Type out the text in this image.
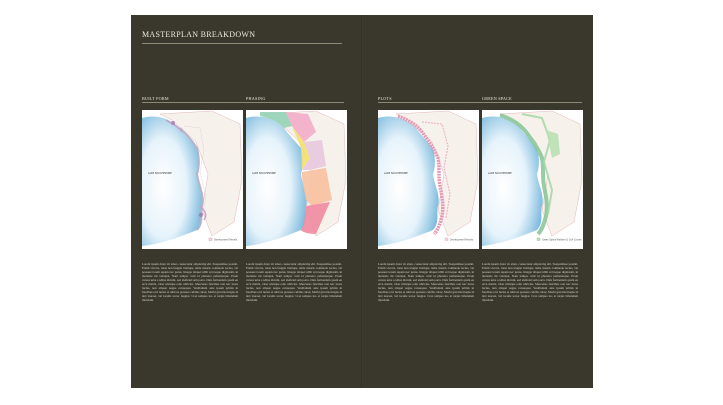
MASTERPLAN BREAKDOWN
BUILT FORM	PHASING	PLOTS	GREEN SPACE
LAKE SOUCHEZONE
Development Parcels
LAKE SOUCHEZONE	LAKE SOUCHEZONE
Development Parcels
LAKE SOUCHEZONE
Green Space Wetland & Golf Course
Lorem ipsum dolor sit amet, consectetur adipiscing elit. Suspendisse potenti. Etiam viverra, risus non feugiat tristique, nulla mauris commodo lectus, vel posuere lorem sapien nec purus. Integer aliquet nibh vel neque dignissim, in molestie mi volutpat. Nam tempor velit id pharetra pellentesque. Proin cursus urna a tellus dictum, sed eleifend sem porta. Duis fermentum quam eu arcu mattis, vitae tristique odio ultricies. Maecenas faucibus erat nec lacus luctus, non aliquet augue consequat. Vestibulum ante ipsum primis in faucibus orci luctus et ultrices posuere cubilia curae; Morbi gravida magna id nisl laoreet, vel iaculis tortor feugiat. Cras tempus leo at turpis bibendum interdum.
Lorem ipsum dolor sit amet, consectetur adipiscing elit. Suspendisse potenti. Etiam viverra, risus non feugiat tristique, nulla mauris commodo lectus, vel posuere lorem sapien nec purus. Integer aliquet nibh vel neque dignissim, in molestie mi volutpat. Nam tempor velit id pharetra pellentesque. Proin cursus urna a tellus dictum, sed eleifend sem porta. Duis fermentum quam eu arcu mattis, vitae tristique odio ultricies. Maecenas faucibus erat nec lacus luctus, non aliquet augue consequat. Vestibulum ante ipsum primis in faucibus orci luctus et ultrices posuere cubilia curae; Morbi gravida magna id nisl laoreet, vel iaculis tortor feugiat. Cras tempus leo at turpis bibendum interdum.
Lorem ipsum dolor sit amet, consectetur adipiscing elit. Suspendisse potenti. Etiam viverra, risus non feugiat tristique, nulla mauris commodo lectus, vel posuere lorem sapien nec purus. Integer aliquet nibh vel neque dignissim, in molestie mi volutpat. Nam tempor velit id pharetra pellentesque. Proin cursus urna a tellus dictum, sed eleifend sem porta. Duis fermentum quam eu arcu mattis, vitae tristique odio ultricies. Maecenas faucibus erat nec lacus luctus, non aliquet augue consequat. Vestibulum ante ipsum primis in faucibus orci luctus et ultrices posuere cubilia curae; Morbi gravida magna id nisl laoreet, vel iaculis tortor feugiat. Cras tempus leo at turpis bibendum interdum.
Lorem ipsum dolor sit amet, consectetur adipiscing elit. Suspendisse potenti. Etiam viverra, risus non feugiat tristique, nulla mauris commodo lectus, vel posuere lorem sapien nec purus. Integer aliquet nibh vel neque dignissim, in molestie mi volutpat. Nam tempor velit id pharetra pellentesque. Proin cursus urna a tellus dictum, sed eleifend sem porta. Duis fermentum quam eu arcu mattis, vitae tristique odio ultricies. Maecenas faucibus erat nec lacus luctus, non aliquet augue consequat. Vestibulum ante ipsum primis in faucibus orci luctus et ultrices posuere cubilia curae; Morbi gravida magna id nisl laoreet, vel iaculis tortor feugiat. Cras tempus leo at turpis bibendum interdum.
